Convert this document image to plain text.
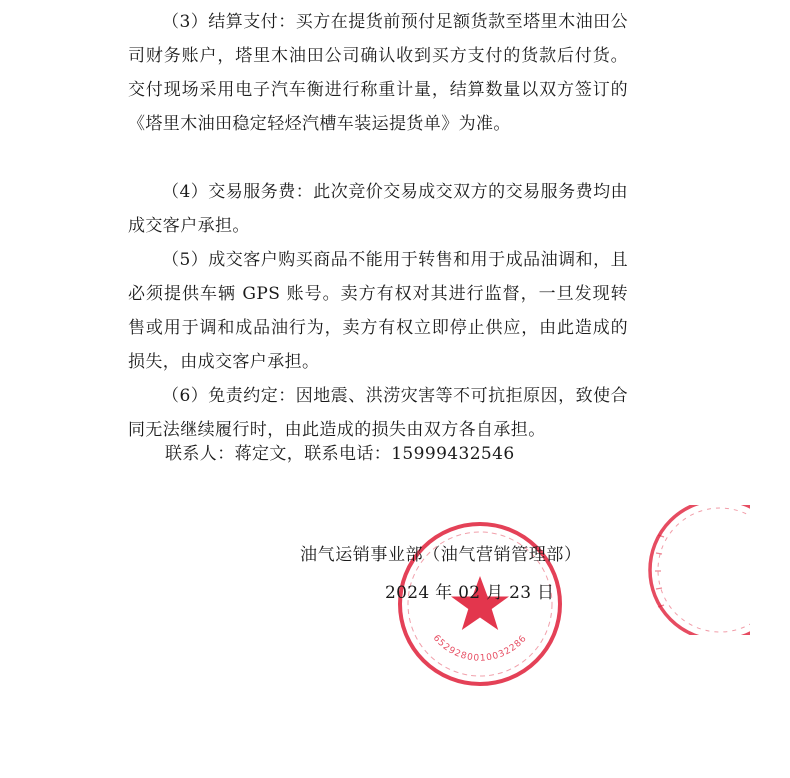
（3）结算支付：买方在提货前预付足额货款至塔里木油田公司财务账户，塔里木油田公司确认收到买方支付的货款后付货。交付现场采用电子汽车衡进行称重计量，结算数量以双方签订的《塔里木油田稳定轻烃汽槽车装运提货单》为准。

（4）交易服务费：此次竞价交易成交双方的交易服务费均由成交客户承担。

（5）成交客户购买商品不能用于转售和用于成品油调和，且必须提供车辆 GPS 账号。卖方有权对其进行监督，一旦发现转售或用于调和成品油行为，卖方有权立即停止供应，由此造成的损失，由成交客户承担。

（6）免责约定：因地震、洪涝灾害等不可抗拒原因，致使合同无法继续履行时，由此造成的损失由双方各自承担。

联系人：蒋定文，联系电话：15999432546
6529280010032286
油气运销事业部（油气营销管理部）
2024 年 02 月 23 日
